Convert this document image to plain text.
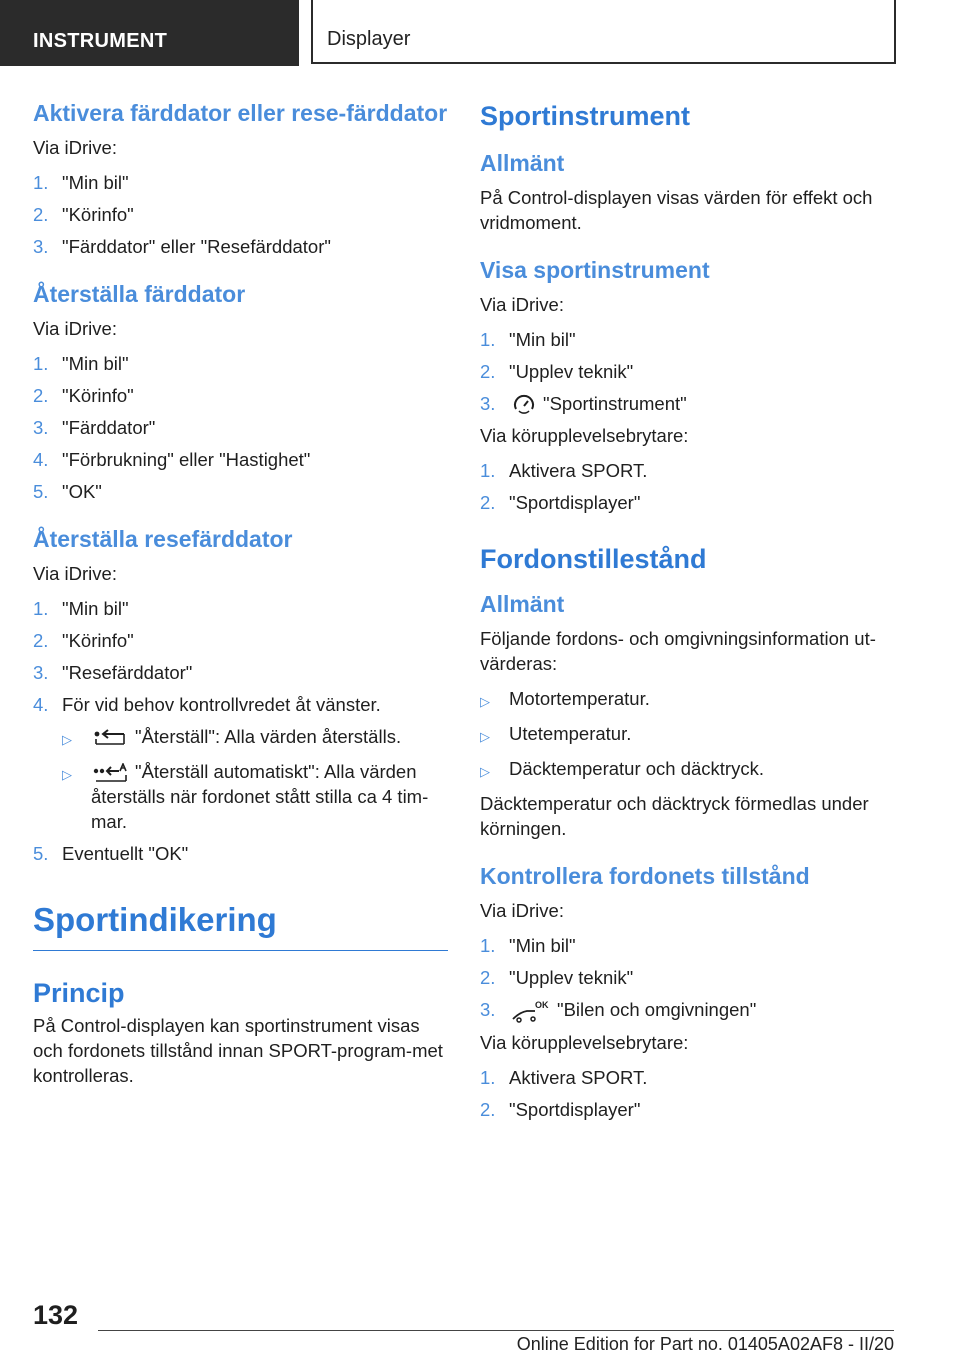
INSTRUMENT	Displayer
Aktivera färddator eller rese‐färddator
Via iDrive:
1. "Min bil"
2. "Körinfo"
3. "Färddator" eller "Resefärddator"
Återställa färddator
Via iDrive:
1. "Min bil"
2. "Körinfo"
3. "Färddator"
4. "Förbrukning" eller "Hastighet"
5. "OK"
Återställa resefärddator
Via iDrive:
1. "Min bil"
2. "Körinfo"
3. "Resefärddator"
4. För vid behov kontrollvredet åt vänster.
▷	"Återställ": Alla värden återställs.
▷	"Återställ automatiskt": Alla värden återställs när fordonet stått stilla ca 4 tim‐mar.
5. Eventuellt "OK"
Sportindikering
Princip
På Control-displayen kan sportinstrument visas och fordonets tillstånd innan SPORT-program‐met kontrolleras.
Sportinstrument
Allmänt
På Control-displayen visas värden för effekt och vridmoment.
Visa sportinstrument
Via iDrive:
1. "Min bil"
2. "Upplev teknik"
3.	"Sportinstrument"
Via körupplevelsebrytare:
1. Aktivera SPORT.
2. "Sportdisplayer"
Fordonstillestånd
Allmänt
Följande fordons- och omgivningsinformation ut‐värderas:
▷	Motortemperatur.
▷	Utetemperatur.
▷	Däcktemperatur och däcktryck.
Däcktemperatur och däcktryck förmedlas under körningen.
Kontrollera fordonets tillstånd
Via iDrive:
1. "Min bil"
2. "Upplev teknik"
3.	OK "Bilen och omgivningen"
Via körupplevelsebrytare:
1. Aktivera SPORT.
2. "Sportdisplayer"
132
Online Edition for Part no. 01405A02AF8 - II/20
